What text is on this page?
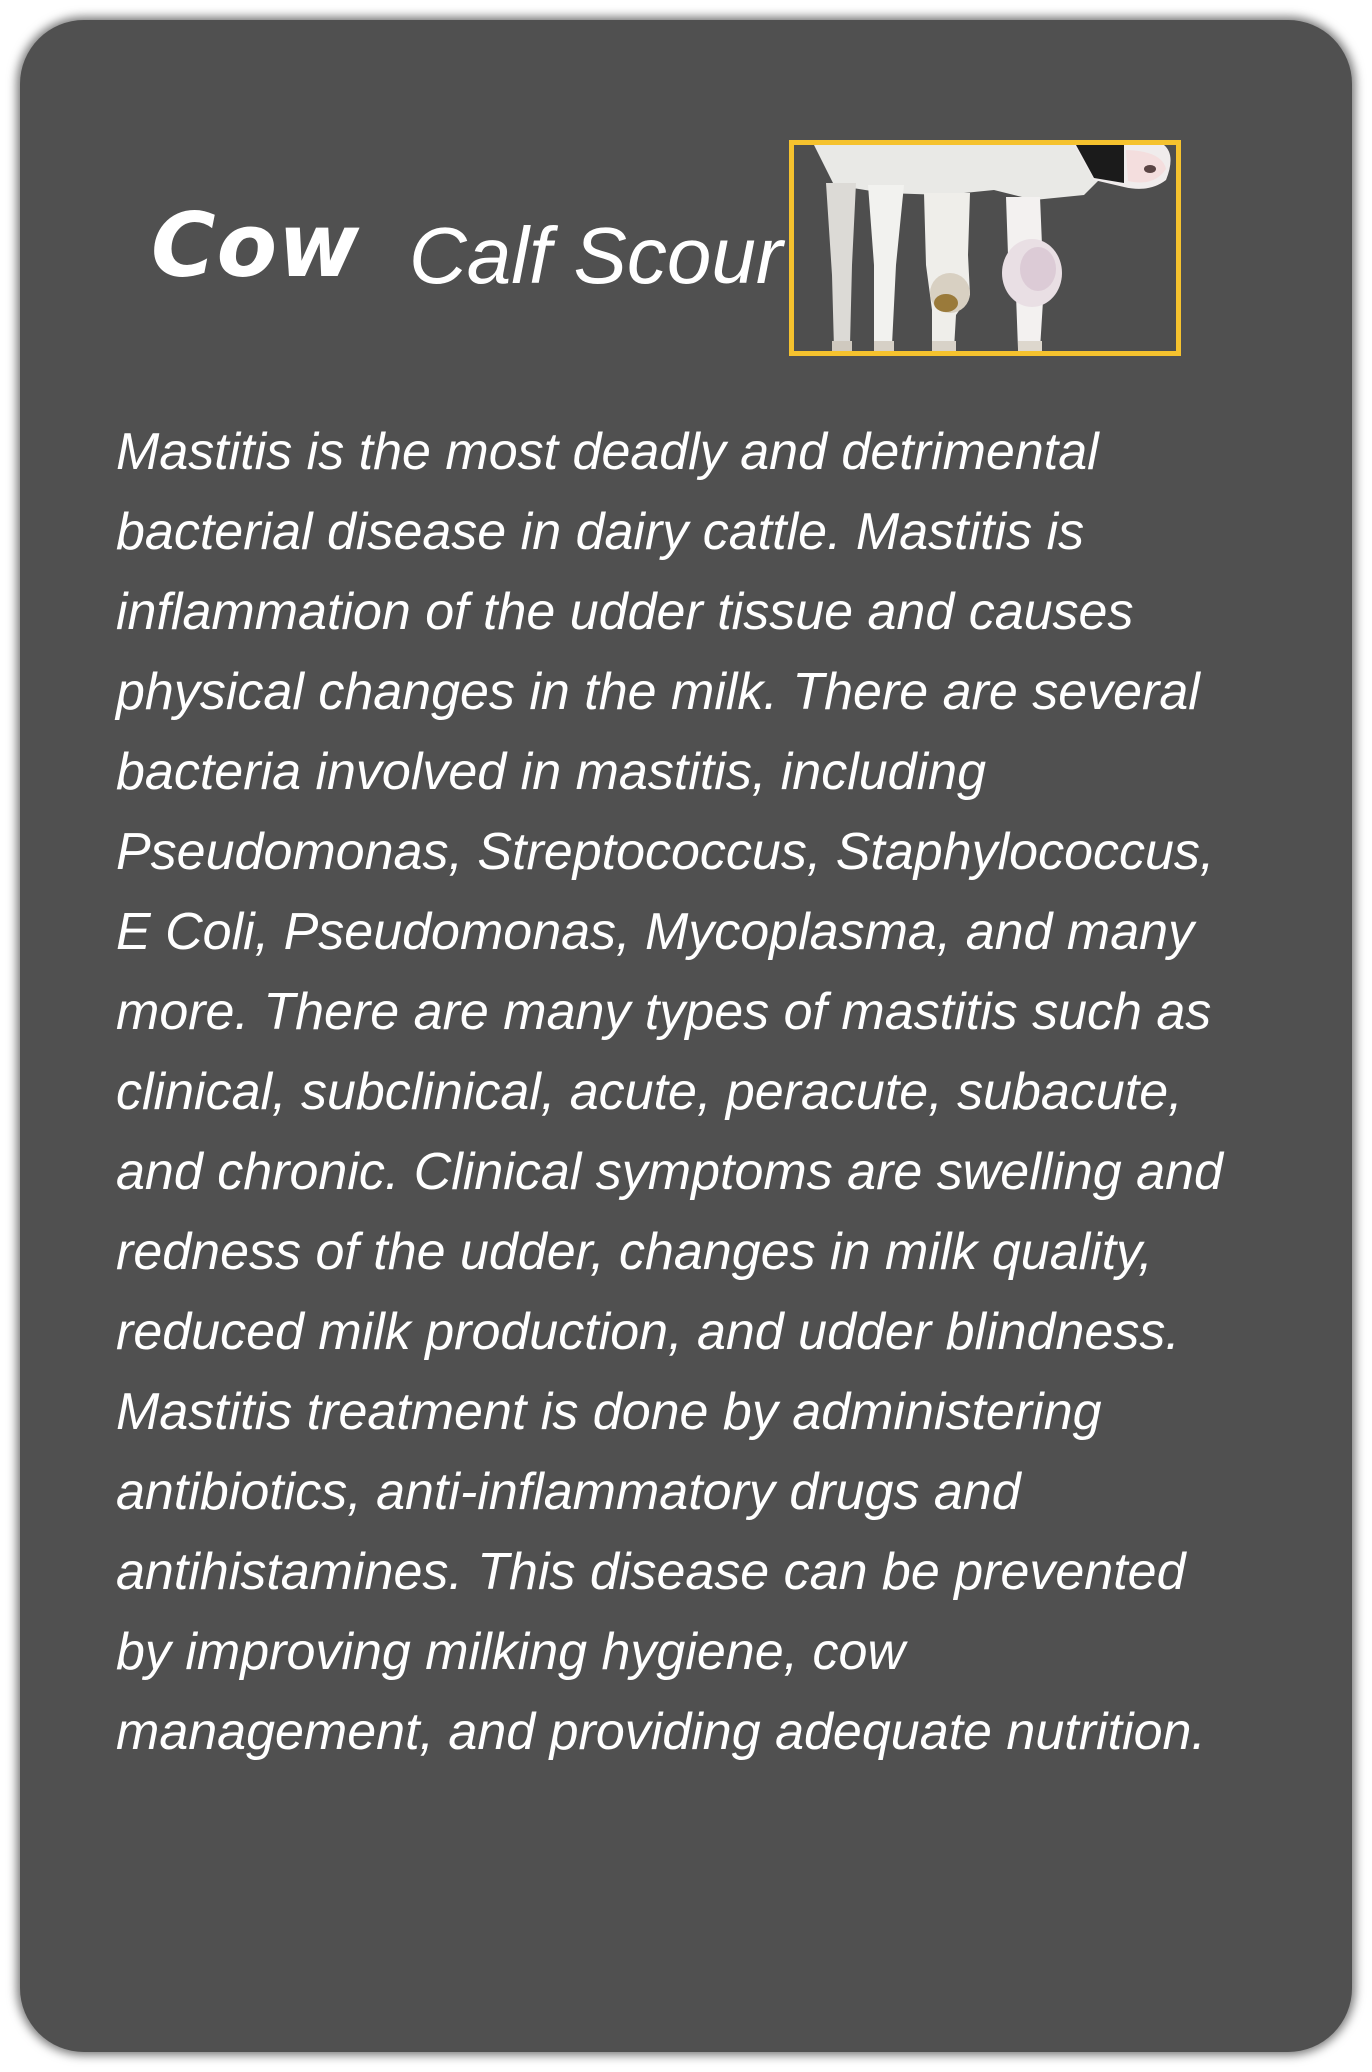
Cow Calf Scour

Mastitis is the most deadly and detrimental
bacterial disease in dairy cattle. Mastitis is
inflammation of the udder tissue and causes
physical changes in the milk. There are several
bacteria involved in mastitis, including
Pseudomonas, Streptococcus, Staphylococcus,
E Coli, Pseudomonas, Mycoplasma, and many
more. There are many types of mastitis such as
clinical, subclinical, acute, peracute, subacute,
and chronic. Clinical symptoms are swelling and
redness of the udder, changes in milk quality,
reduced milk production, and udder blindness.
Mastitis treatment is done by administering
antibiotics, anti-inflammatory drugs and
antihistamines. This disease can be prevented
by improving milking hygiene, cow
management, and providing adequate nutrition.
